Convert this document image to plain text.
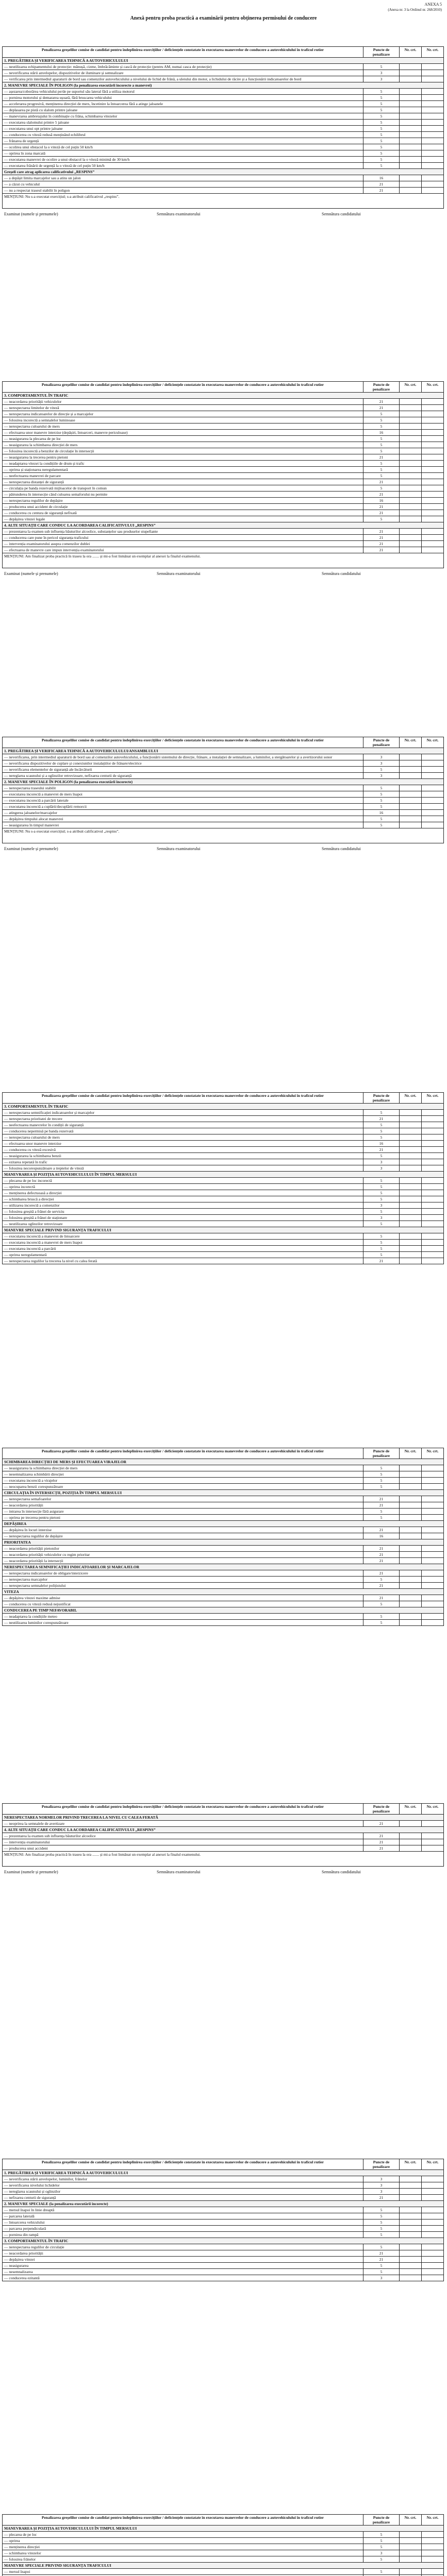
ANEXA 5
(Anexa nr. 3 la Ordinul nr. 268/2010)
Anexă pentru proba practică a examinării pentru obținerea permisului de conducere
Penalizarea greșelilor comise de candidat pentru îndeplinirea exercițiilor / deficiențele constatate în executarea manevrelor de conducere a autovehiculului în traficul rutier	Puncte de penalizare	Nr. crt.	Nr. crt.
1. PREGĂTIREA ȘI VERIFICAREA TEHNICĂ A AUTOVEHICULULUI			
— neutilizarea echipamentului de protecție: mănușă, cizme, îmbrăcăminte și cască de protecție (pentru AM, numai casca de protecție)	5		
— neverificarea stării anvelopelor, dispozitivelor de iluminare și semnalizare	3		
— verificarea prin intermediul aparaturii de bord sau comenzilor autovehiculului a nivelului de lichid de frână, a uleiului din motor, a lichidului de răcire și a funcționării indicatoarelor de bord	3		
2. MANEVRE SPECIALE ÎN POLIGON (la penalizarea executării incorecte a manevrei)			
— așezarea/coborârea vehiculului pe/de pe suportul său lateral fără a utiliza motorul	5		
— pornirea motorului și demararea ușoară, fără bruscarea vehiculului	5		
— accelerarea progresivă, menținerea direcției de mers, încetinire la întoarcerea fără a atinge jaloanele	5		
— deplasarea pe pistă cu slalom printre jaloane	5		
— manevrarea ambreiajului în combinație cu frâna, schimbarea vitezelor	5		
— executarea slalomului printre 5 jaloane	5		
— executarea unui opt printre jaloane	5		
— conducerea cu viteză redusă menținând echilibrul	5		
— frânarea de urgență	5		
— ocolirea unui obstacol la o viteză de cel puțin 50 km/h	5		
— oprirea în zona marcată	5		
— executarea manevrei de ocolire a unui obstacol la o viteză minimă de 30 km/h	5		
— executarea frânării de urgență la o viteză de cel puțin 50 km/h	5		
Greșeli care atrag aplicarea calificativului „RESPINS”			
— a depășit limita marcajelor sau a atins un jalon	16		
— a căzut cu vehiculul	21		
— nu a respectat traseul stabilit în poligon	21		
MENȚIUNI: Nu s-a executat exercițiul; s-a atribuit calificativul „respins”.			
Examinat (numele și prenumele)	Semnătura examinatorului	Semnătura candidatului
Penalizarea greșelilor comise de candidat pentru îndeplinirea exercițiilor / deficiențele constatate în executarea manevrelor de conducere a autovehiculului în traficul rutier	Puncte de penalizare	Nr. crt.	Nr. crt.
3. COMPORTAMENTUL ÎN TRAFIC			
— neacordarea priorității vehiculelor	21		
— nerespectarea limitelor de viteză	21		
— nerespectarea indicatoarelor de direcție și a marcajelor	5		
— folosirea incorectă a semnalelor luminoase	5		
— nerespectarea culoarului de mers	5		
— efectuarea unor manevre interzise (depășiri, întoarceri, manevre periculoase)	16		
— neasigurarea la plecarea de pe loc	5		
— neasigurarea la schimbarea direcției de mers	5		
— folosirea incorectă a benzilor de circulație în intersecții	5		
— neasigurarea la trecerea pentru pietoni	21		
— neadaptarea vitezei la condițiile de drum și trafic	5		
— oprirea și staționarea neregulamentară	5		
— neefectuarea manevrei de parcare	5		
— nerespectarea distanței de siguranță	21		
— circulația pe banda rezervată mijloacelor de transport în comun	5		
— pătrunderea în intersecție când culoarea semaforului nu permite	21		
— nerespectarea regulilor de depășire	16		
— producerea unui accident de circulație	21		
— conducerea cu centura de siguranță nefixată	21		
— depășirea vitezei legale	5		
4. ALTE SITUAȚII CARE CONDUC LA ACORDAREA CALIFICATIVULUI „RESPINS”			
— prezentarea la examen sub influența băuturilor alcoolice, substanțelor sau produselor stupefiante	21		
— conducerea care pune în pericol siguranța traficului	21		
— intervenția examinatorului asupra comenzilor dublei	21		
— efectuarea de manevre care impun intervenția examinatorului	21		
MENȚIUNI: Am finalizat proba practică în traseu la ora ....... și mi-a fost înmânat un exemplar al anexei la finalul examenului.			
Examinat (numele și prenumele)	Semnătura examinatorului	Semnătura candidatului
Penalizarea greșelilor comise de candidat pentru îndeplinirea exercițiilor / deficiențele constatate în executarea manevrelor de conducere a autovehiculului în traficul rutier	Puncte de penalizare	Nr. crt.	Nr. crt.
1. PREGĂTIREA ȘI VERIFICAREA TEHNICĂ A AUTOVEHICULULUI/ANSAMBLULUI			
— neverificarea, prin intermediul aparaturii de bord sau al comenzilor autovehiculului, a funcționării sistemului de direcție, frânare, a instalației de semnalizare, a luminilor, a stergătoarelor și a avertizorului sonor	3		
— neverificarea dispozitivelor de cuplare și conexiunilor instalațiilor de frânare/electrice	3		
— neverificarea elementelor de siguranță ale încărcăturii	5		
— nereglarea scaunului și a oglinzilor retrovizoare, nefixarea centurii de siguranță	3		
2. MANEVRE SPECIALE ÎN POLIGON (la penalizarea executării incorecte)			
— nerespectarea traseului stabilit	5		
— executarea incorectă a manevrei de mers înapoi	5		
— executarea incorectă a parcării laterale	5		
— executarea incorectă a cuplării/decuplării remorcii	5		
— atingerea jaloanelor/marcajelor	16		
— depășirea timpului alocat manevrei	5		
— neasigurarea în timpul manevrei	5		
MENȚIUNI: Nu s-a executat exercițiul; s-a atribuit calificativul „respins”.			
Examinat (numele și prenumele)	Semnătura examinatorului	Semnătura candidatului
Penalizarea greșelilor comise de candidat pentru îndeplinirea exercițiilor / deficiențele constatate în executarea manevrelor de conducere a autovehiculului în traficul rutier	Puncte de penalizare	Nr. crt.	Nr. crt.
3. COMPORTAMENTUL ÎN TRAFIC			
— nerespectarea semnificației indicatoarelor și marcajelor	5		
— nerespectarea prioritatei de trecere	21		
— neefectuarea manevrelor în condiții de siguranță	5		
— conducerea nepermisă pe banda rezervată	5		
— nerespectarea culoarului de mers	5		
— efectuarea unor manevre interzise	16		
— conducerea cu viteză excesivă	21		
— neasigurarea la schimbarea benzii	5		
— ezitarea repetată în trafic	3		
— folosirea necorespunzătoare a treptelor de viteză	3		
MANEVRAREA ȘI POZIȚIA AUTOVEHICULULUI ÎN TIMPUL MERSULUI			
— plecarea de pe loc incorectă	5		
— oprirea incorectă	5		
— menținerea defectuoasă a direcției	5		
— schimbarea bruscă a direcției	5		
— utilizarea incorectă a comenzilor	3		
— folosirea greșită a frânei de serviciu	5		
— folosirea greșită a frânei de staționare	3		
— neutilizarea oglinzilor retrovizoare	5		
MANEVRE SPECIALE PRIVIND SIGURANȚA TRAFICULUI			
— executarea incorectă a manevrei de întoarcere	5		
— executarea incorectă a manevrei de mers înapoi	5		
— executarea incorectă a parcării	5		
— oprirea neregulamentară	5		
— nerespectarea regulilor la trecerea la nivel cu calea ferată	21		
Penalizarea greșelilor comise de candidat pentru îndeplinirea exercițiilor / deficiențele constatate în executarea manevrelor de conducere a autovehiculului în traficul rutier	Puncte de penalizare	Nr. crt.	Nr. crt.
SCHIMBAREA DIRECȚIEI DE MERS ȘI EFECTUAREA VIRAJELOR			
— neasigurarea la schimbarea direcției de mers	5		
— nesemnalizarea schimbării direcției	5		
— executarea incorectă a virajelor	5		
— neocuparea benzii corespunzătoare	5		
CIRCULAȚIA ÎN INTERSECȚII, POZIȚIA ÎN TIMPUL MERSULUI			
— nerespectarea semafoarelor	21		
— neacordarea priorității	21		
— intrarea în intersecție fără asigurare	5		
— oprirea pe trecerea pentru pietoni	5		
DEPĂȘIREA			
— depășirea în locuri interzise	21		
— nerespectarea regulilor de depășire	16		
PRIORITATEA			
— neacordarea priorității pietonilor	21		
— neacordarea priorității vehiculelor cu regim prioritar	21		
— neacordarea priorității la intersecții	21		
NERESPECTAREA SEMNIFICAȚIEI INDICATOARELOR ȘI MARCAJELOR			
— nerespectarea indicatoarelor de obligare/interzicere	21		
— nerespectarea marcajelor	5		
— nerespectarea semnalelor polițistului	21		
VITEZA			
— depășirea vitezei maxime admise	21		
— conducerea cu viteză redusă nejustificat	5		
CONDUCEREA PE TIMP NEFAVORABIL			
— neadaptarea la condițiile meteo	5		
— neutilizarea luminilor corespunzătoare	5		
Penalizarea greșelilor comise de candidat pentru îndeplinirea exercițiilor / deficiențele constatate în executarea manevrelor de conducere a autovehiculului în traficul rutier	Puncte de penalizare	Nr. crt.	Nr. crt.
NERESPECTAREA NORMELOR PRIVIND TRECEREA LA NIVEL CU CALEA FERATĂ			
— neoprirea la semnalele de avertizare	21		
4. ALTE SITUAȚII CARE CONDUC LA ACORDAREA CALIFICATIVULUI „RESPINS”			
— prezentarea la examen sub influența băuturilor alcoolice	21		
— intervenția examinatorului	21		
— producerea unui accident	21		
MENȚIUNI: Am finalizat proba practică în traseu la ora ....... și mi-a fost înmânat un exemplar al anexei la finalul examenului.			
Examinat (numele și prenumele)	Semnătura examinatorului	Semnătura candidatului
Penalizarea greșelilor comise de candidat pentru îndeplinirea exercițiilor / deficiențele constatate în executarea manevrelor de conducere a autovehiculului în traficul rutier	Puncte de penalizare	Nr. crt.	Nr. crt.
1. PREGĂTIREA ȘI VERIFICAREA TEHNICĂ A AUTOVEHICULULUI			
— neverificarea stării anvelopelor, luminilor, frânelor	3		
— neverificarea nivelului lichidelor	3		
— nereglarea scaunului și oglinzilor	3		
— nefixarea centurii de siguranță	21		
2. MANEVRE SPECIALE (la penalizarea executării incorecte)			
— mersul înapoi în linie dreaptă	5		
— parcarea laterală	5		
— întoarcerea vehiculului	5		
— parcarea perpendiculară	5		
— pornirea din rampă	5		
3. COMPORTAMENTUL ÎN TRAFIC			
— nerespectarea regulilor de circulație	5		
— neacordarea priorității	21		
— depășirea vitezei	21		
— neasigurarea	5		
— nesemnalizarea	5		
— conducerea ezitantă	3		
Penalizarea greșelilor comise de candidat pentru îndeplinirea exercițiilor / deficiențele constatate în executarea manevrelor de conducere a autovehiculului în traficul rutier	Puncte de penalizare	Nr. crt.	Nr. crt.
MANEVRAREA ȘI POZIȚIA AUTOVEHICULULUI ÎN TIMPUL MERSULUI			
— plecarea de pe loc	5		
— oprirea	5		
— menținerea direcției	5		
— schimbarea vitezelor	3		
— folosirea frânelor	5		
MANEVRE SPECIALE PRIVIND SIGURANȚA TRAFICULUI			
— mersul înapoi	5		
